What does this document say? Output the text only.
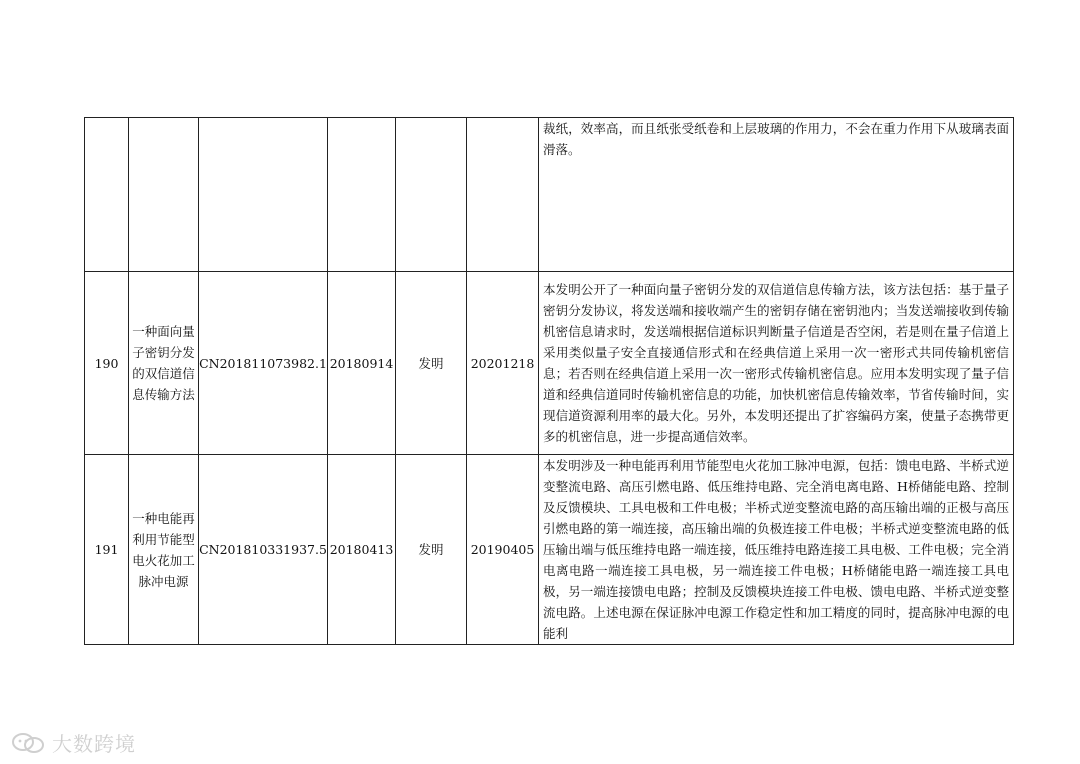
						裁纸，效率高，而且纸张受纸卷和上层玻璃的作用力，不会在重力作用下从玻璃表面滑落。
190	一种面向量子密钥分发的双信道信息传输方法	CN201811073982.1	20180914	发明	20201218	本发明公开了一种面向量子密钥分发的双信道信息传输方法，该方法包括：基于量子密钥分发协议，将发送端和接收端产生的密钥存储在密钥池内；当发送端接收到传输机密信息请求时，发送端根据信道标识判断量子信道是否空闲，若是则在量子信道上采用类似量子安全直接通信形式和在经典信道上采用一次一密形式共同传输机密信息；若否则在经典信道上采用一次一密形式传输机密信息。应用本发明实现了量子信道和经典信道同时传输机密信息的功能，加快机密信息传输效率，节省传输时间，实现信道资源利用率的最大化。另外，本发明还提出了扩容编码方案，使量子态携带更多的机密信息，进一步提高通信效率。
191	一种电能再利用节能型电火花加工脉冲电源	CN201810331937.5	20180413	发明	20190405	本发明涉及一种电能再利用节能型电火花加工脉冲电源，包括：馈电电路、半桥式逆变整流电路、高压引燃电路、低压维持电路、完全消电离电路、H桥储能电路、控制及反馈模块、工具电极和工件电极；半桥式逆变整流电路的高压输出端的正极与高压引燃电路的第一端连接，高压输出端的负极连接工件电极；半桥式逆变整流电路的低压输出端与低压维持电路一端连接，低压维持电路连接工具电极、工件电极；完全消电离电路一端连接工具电极，另一端连接工件电极；H桥储能电路一端连接工具电极，另一端连接馈电电路；控制及反馈模块连接工件电极、馈电电路、半桥式逆变整流电路。上述电源在保证脉冲电源工作稳定性和加工精度的同时，提高脉冲电源的电能利
大数跨境
